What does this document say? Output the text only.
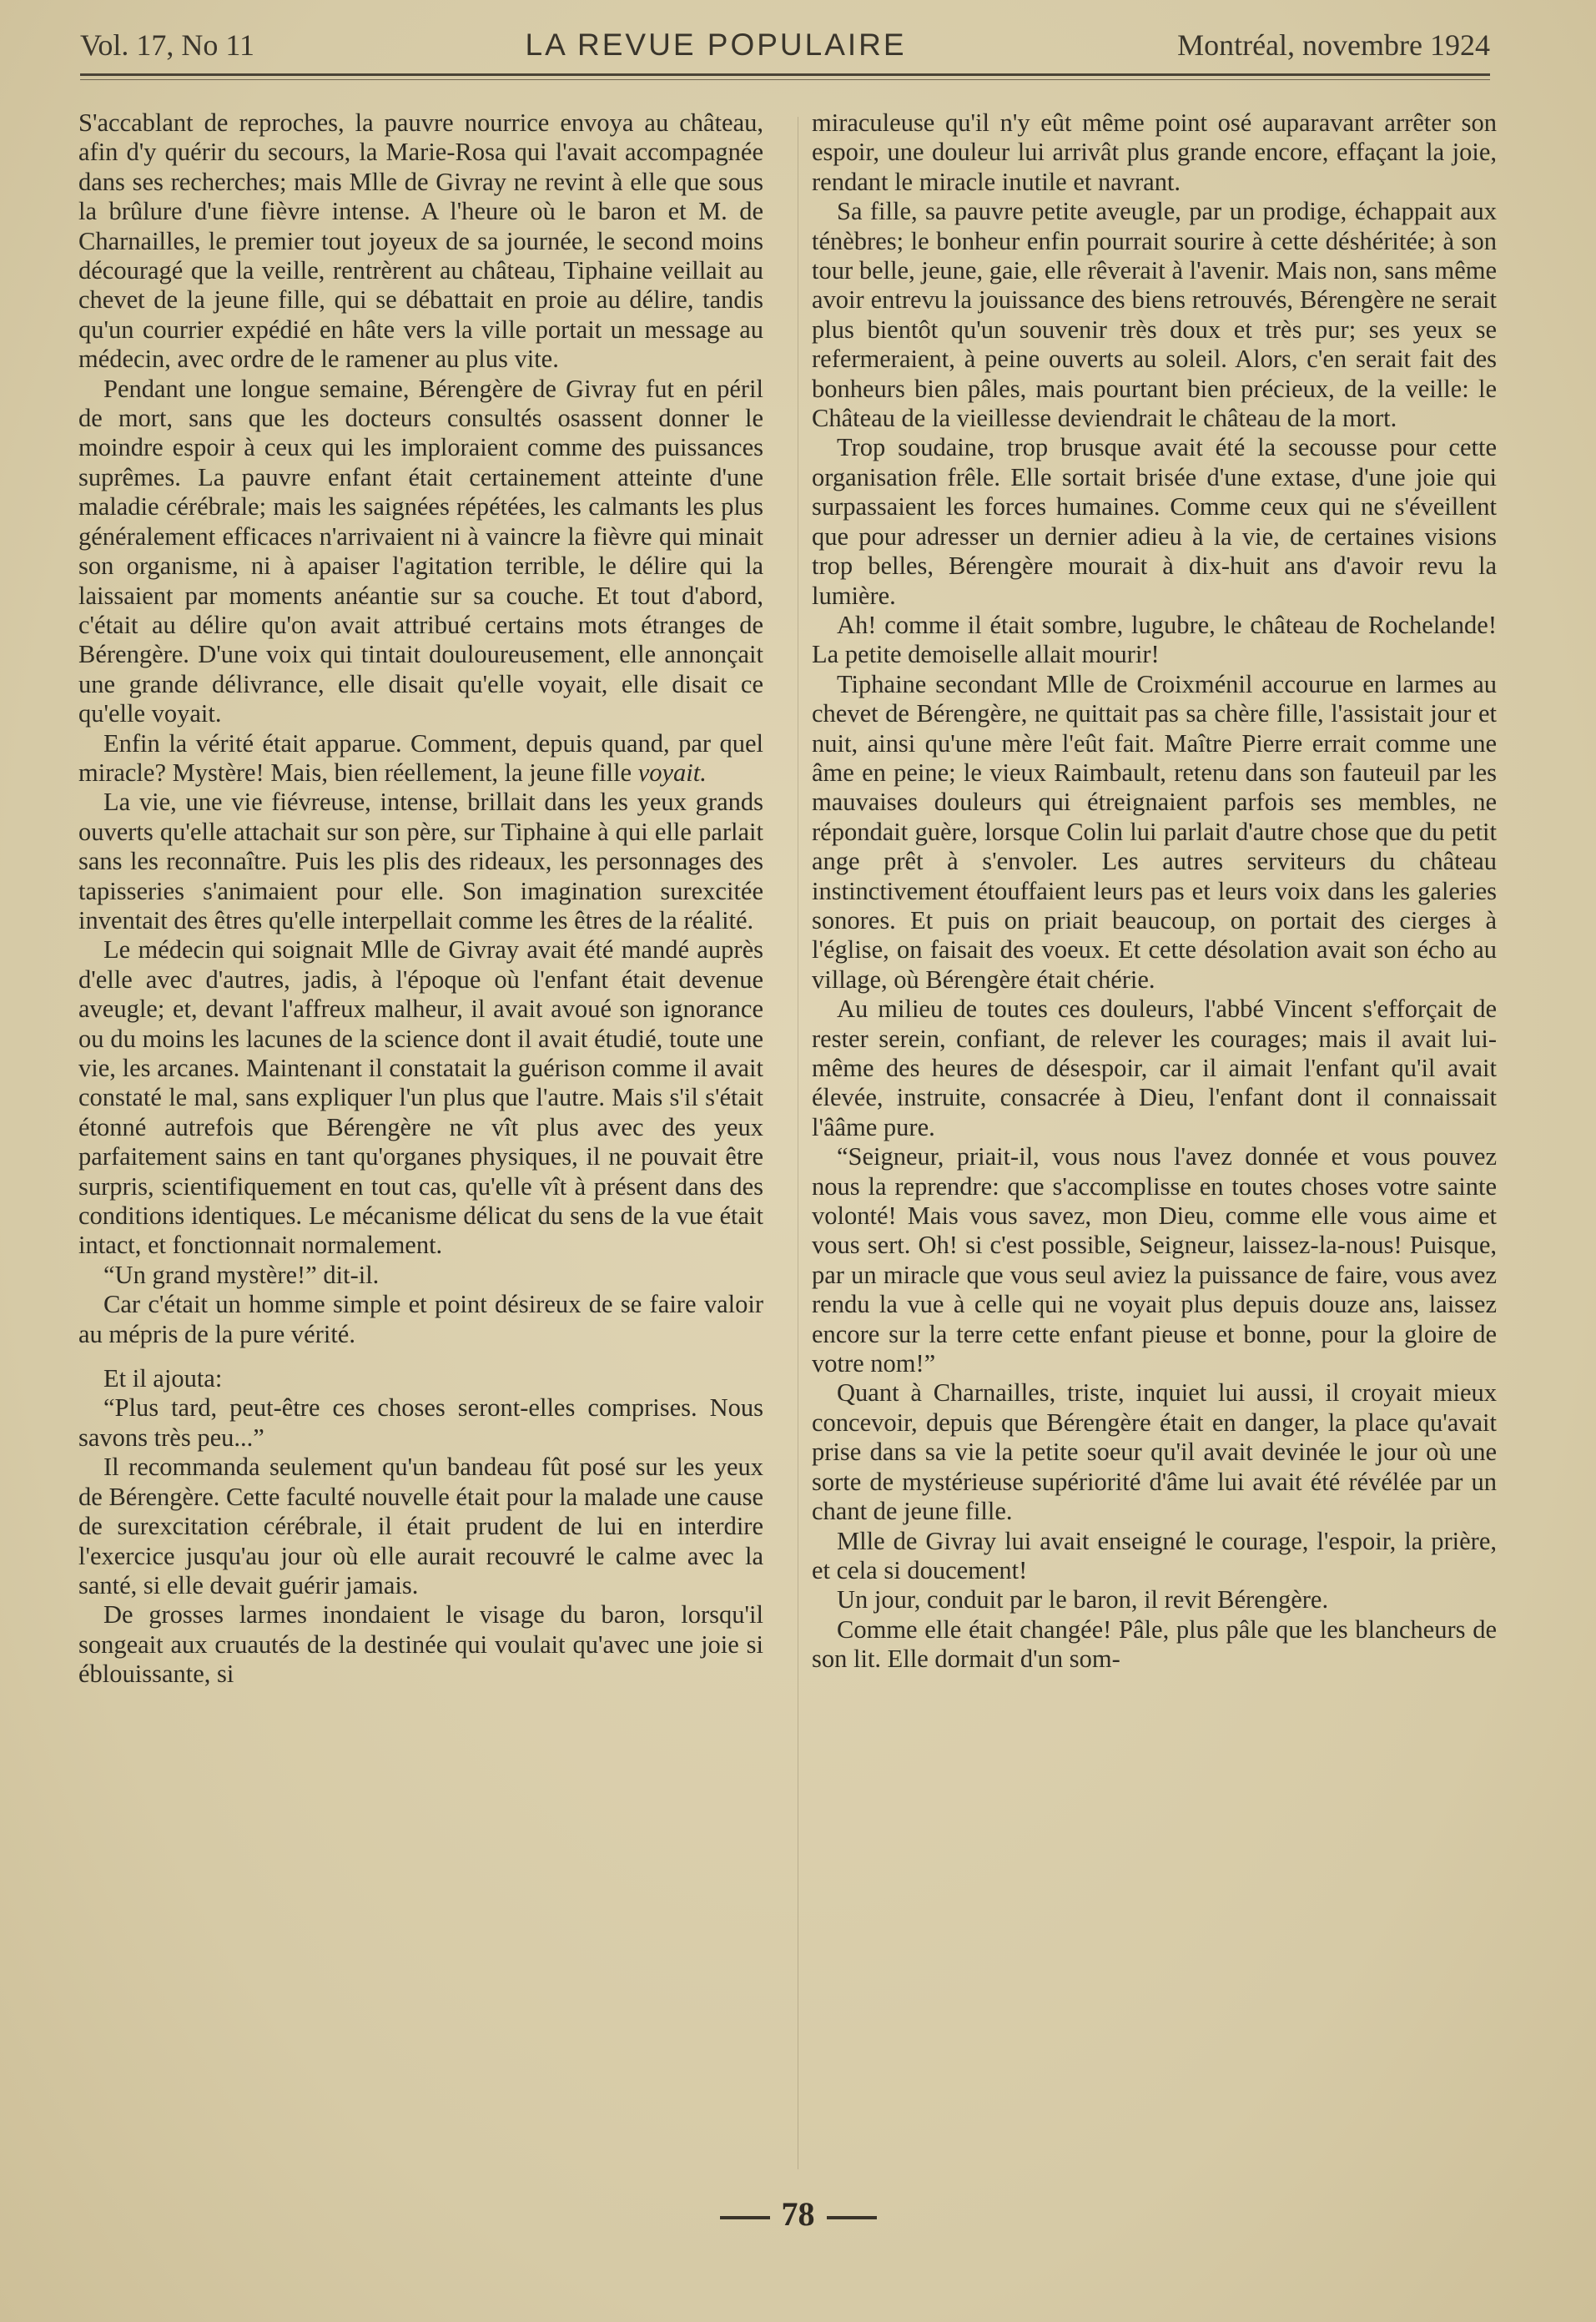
Vol. 17, No 11	LA REVUE POPULAIRE	Montréal, novembre 1924

S'accablant de reproches, la pauvre nourrice envoya au château, afin d'y quérir du secours, la Marie-Rosa qui l'avait accompagnée dans ses recherches; mais Mlle de Givray ne revint à elle que sous la brûlure d'une fièvre intense. A l'heure où le baron et M. de Charnailles, le premier tout joyeux de sa journée, le second moins découragé que la veille, rentrèrent au château, Tiphaine veillait au chevet de la jeune fille, qui se débattait en proie au délire, tandis qu'un courrier expédié en hâte vers la ville portait un message au médecin, avec ordre de le ramener au plus vite.

Pendant une longue semaine, Bérengère de Givray fut en péril de mort, sans que les docteurs consultés osassent donner le moindre espoir à ceux qui les imploraient comme des puissances suprêmes. La pauvre enfant était certainement atteinte d'une maladie cérébrale; mais les saignées répétées, les calmants les plus généralement efficaces n'arrivaient ni à vaincre la fièvre qui minait son organisme, ni à apaiser l'agitation terrible, le délire qui la laissaient par moments anéantie sur sa couche. Et tout d'abord, c'était au délire qu'on avait attribué certains mots étranges de Bérengère. D'une voix qui tintait douloureusement, elle annonçait une grande délivrance, elle disait qu'elle voyait, elle disait ce qu'elle voyait.

Enfin la vérité était apparue. Comment, depuis quand, par quel miracle? Mystère! Mais, bien réellement, la jeune fille voyait.

La vie, une vie fiévreuse, intense, brillait dans les yeux grands ouverts qu'elle attachait sur son père, sur Tiphaine à qui elle parlait sans les reconnaître. Puis les plis des rideaux, les personnages des tapisseries s'animaient pour elle. Son imagination surexcitée inventait des êtres qu'elle interpellait comme les êtres de la réalité.

Le médecin qui soignait Mlle de Givray avait été mandé auprès d'elle avec d'autres, jadis, à l'époque où l'enfant était devenue aveugle; et, devant l'affreux malheur, il avait avoué son ignorance ou du moins les lacunes de la science dont il avait étudié, toute une vie, les arcanes. Maintenant il constatait la guérison comme il avait constaté le mal, sans expliquer l'un plus que l'autre. Mais s'il s'était étonné autrefois que Bérengère ne vît plus avec des yeux parfaitement sains en tant qu'organes physiques, il ne pouvait être surpris, scientifiquement en tout cas, qu'elle vît à présent dans des conditions identiques. Le mécanisme délicat du sens de la vue était intact, et fonctionnait normalement.

“Un grand mystère!” dit-il.

Car c'était un homme simple et point désireux de se faire valoir au mépris de la pure vérité.

Et il ajouta:

“Plus tard, peut-être ces choses seront-elles comprises. Nous savons très peu...”

Il recommanda seulement qu'un bandeau fût posé sur les yeux de Bérengère. Cette faculté nouvelle était pour la malade une cause de surexcitation cérébrale, il était prudent de lui en interdire l'exercice jusqu'au jour où elle aurait recouvré le calme avec la santé, si elle devait guérir jamais.

De grosses larmes inondaient le visage du baron, lorsqu'il songeait aux cruautés de la destinée qui voulait qu'avec une joie si éblouissante, si

miraculeuse qu'il n'y eût même point osé auparavant arrêter son espoir, une douleur lui arrivât plus grande encore, effaçant la joie, rendant le miracle inutile et navrant.

Sa fille, sa pauvre petite aveugle, par un prodige, échappait aux ténèbres; le bonheur enfin pourrait sourire à cette déshéritée; à son tour belle, jeune, gaie, elle rêverait à l'avenir. Mais non, sans même avoir entrevu la jouissance des biens retrouvés, Bérengère ne serait plus bientôt qu'un souvenir très doux et très pur; ses yeux se refermeraient, à peine ouverts au soleil. Alors, c'en serait fait des bonheurs bien pâles, mais pourtant bien précieux, de la veille: le Château de la vieillesse deviendrait le château de la mort.

Trop soudaine, trop brusque avait été la secousse pour cette organisation frêle. Elle sortait brisée d'une extase, d'une joie qui surpassaient les forces humaines. Comme ceux qui ne s'éveillent que pour adresser un dernier adieu à la vie, de certaines visions trop belles, Bérengère mourait à dix-huit ans d'avoir revu la lumière.

Ah! comme il était sombre, lugubre, le château de Rochelande! La petite demoiselle allait mourir!

Tiphaine secondant Mlle de Croixménil accourue en larmes au chevet de Bérengère, ne quittait pas sa chère fille, l'assistait jour et nuit, ainsi qu'une mère l'eût fait. Maître Pierre errait comme une âme en peine; le vieux Raimbault, retenu dans son fauteuil par les mauvaises douleurs qui étreignaient parfois ses membles, ne répondait guère, lorsque Colin lui parlait d'autre chose que du petit ange prêt à s'envoler. Les autres serviteurs du château instinctivement étouffaient leurs pas et leurs voix dans les galeries sonores. Et puis on priait beaucoup, on portait des cierges à l'église, on faisait des voeux. Et cette désolation avait son écho au village, où Bérengère était chérie.

Au milieu de toutes ces douleurs, l'abbé Vincent s'efforçait de rester serein, confiant, de relever les courages; mais il avait lui-même des heures de désespoir, car il aimait l'enfant qu'il avait élevée, instruite, consacrée à Dieu, l'enfant dont il connaissait l'ââme pure.

“Seigneur, priait-il, vous nous l'avez donnée et vous pouvez nous la reprendre: que s'accomplisse en toutes choses votre sainte volonté! Mais vous savez, mon Dieu, comme elle vous aime et vous sert. Oh! si c'est possible, Seigneur, laissez-la-nous! Puisque, par un miracle que vous seul aviez la puissance de faire, vous avez rendu la vue à celle qui ne voyait plus depuis douze ans, laissez encore sur la terre cette enfant pieuse et bonne, pour la gloire de votre nom!”

Quant à Charnailles, triste, inquiet lui aussi, il croyait mieux concevoir, depuis que Bérengère était en danger, la place qu'avait prise dans sa vie la petite soeur qu'il avait devinée le jour où une sorte de mystérieuse supériorité d'âme lui avait été révélée par un chant de jeune fille.

Mlle de Givray lui avait enseigné le courage, l'espoir, la prière, et cela si doucement!

Un jour, conduit par le baron, il revit Bérengère.

Comme elle était changée! Pâle, plus pâle que les blancheurs de son lit. Elle dormait d'un som-

78
